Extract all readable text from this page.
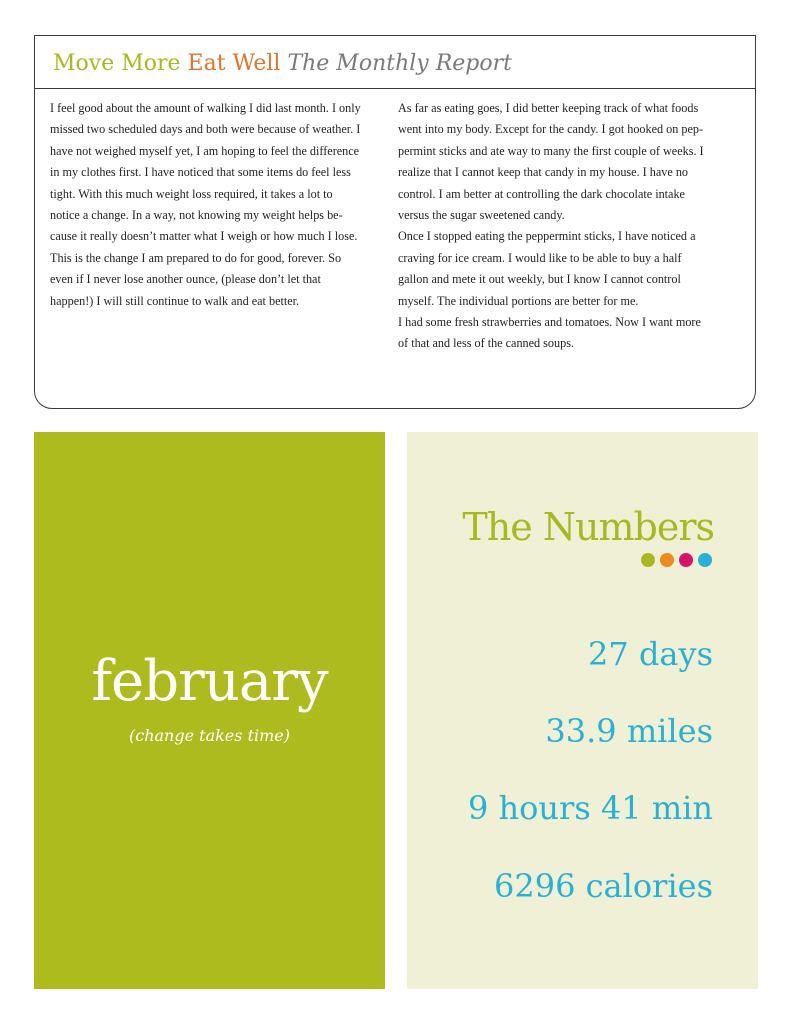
Move More Eat Well The Monthly Report

I feel good about the amount of walking I did last month. I only
missed two scheduled days and both were because of weather. I
have not weighed myself yet, I am hoping to feel the difference
in my clothes first. I have noticed that some items do feel less
tight. With this much weight loss required, it takes a lot to
notice a change. In a way, not knowing my weight helps be-
cause it really doesn’t matter what I weigh or how much I lose.
This is the change I am prepared to do for good, forever. So
even if I never lose another ounce, (please don’t let that
happen!) I will still continue to walk and eat better.

As far as eating goes, I did better keeping track of what foods
went into my body. Except for the candy. I got hooked on pep-
permint sticks and ate way to many the first couple of weeks. I
realize that I cannot keep that candy in my house. I have no
control. I am better at controlling the dark chocolate intake
versus the sugar sweetened candy.
Once I stopped eating the peppermint sticks, I have noticed a
craving for ice cream. I would like to be able to buy a half
gallon and mete it out weekly, but I know I cannot control
myself. The individual portions are better for me.
I had some fresh strawberries and tomatoes. Now I want more
of that and less of the canned soups.

february
(change takes time)
The Numbers
27 days
33.9 miles
9 hours 41 min
6296 calories
